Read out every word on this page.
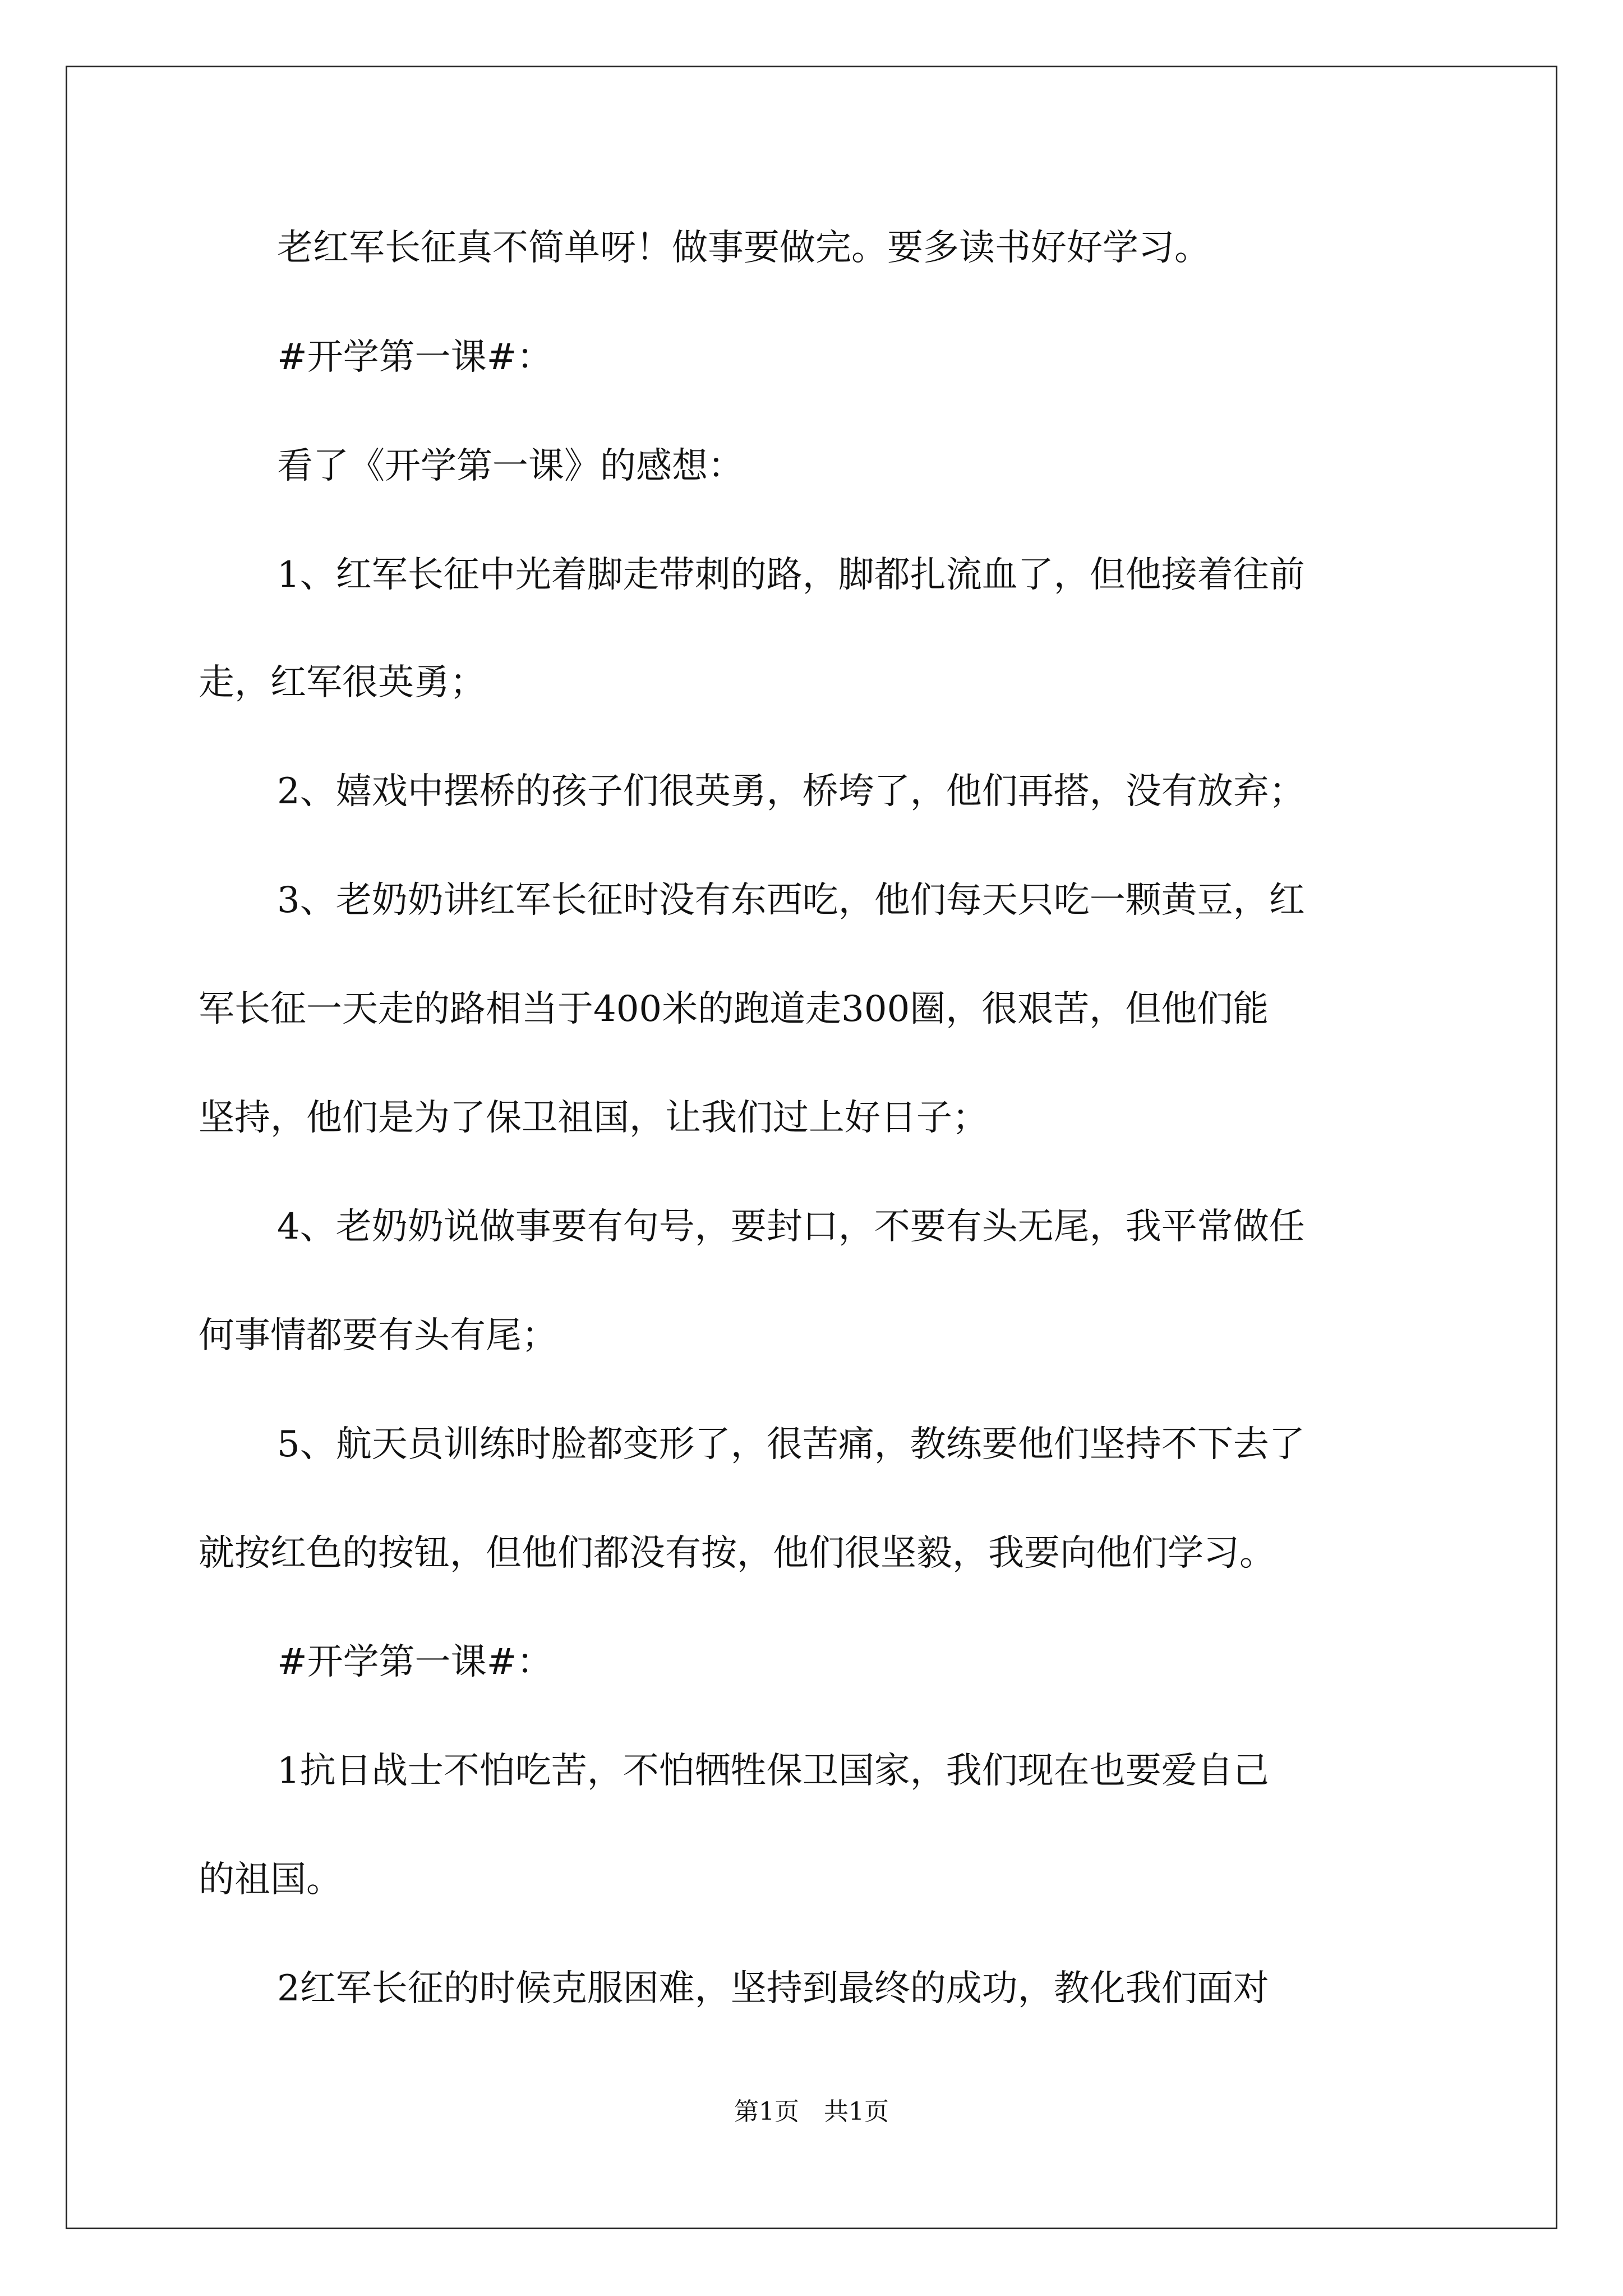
老红军长征真不简单呀！做事要做完。要多读书好好学习。

#开学第一课#：

看了《开学第一课》的感想：

1、红军长征中光着脚走带刺的路，脚都扎流血了，但他接着往前

走，红军很英勇；

2、嬉戏中摆桥的孩子们很英勇，桥垮了，他们再搭，没有放弃；

3、老奶奶讲红军长征时没有东西吃，他们每天只吃一颗黄豆，红

军长征一天走的路相当于400米的跑道走300圈，很艰苦，但他们能

坚持，他们是为了保卫祖国，让我们过上好日子；

4、老奶奶说做事要有句号，要封口，不要有头无尾，我平常做任

何事情都要有头有尾；

5、航天员训练时脸都变形了，很苦痛，教练要他们坚持不下去了

就按红色的按钮，但他们都没有按，他们很坚毅，我要向他们学习。

#开学第一课#：

1抗日战士不怕吃苦，不怕牺牲保卫国家，我们现在也要爱自己

的祖国。

2红军长征的时候克服困难，坚持到最终的成功，教化我们面对

第1页　共1页
